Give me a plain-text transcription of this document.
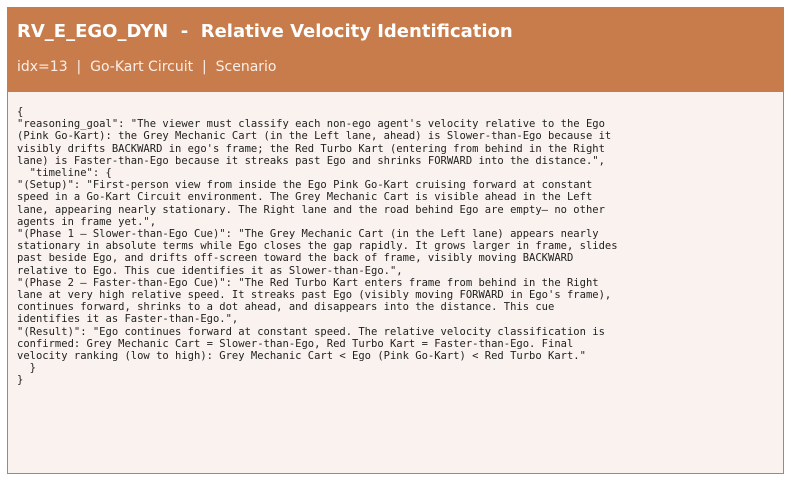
RV_E_EGO_DYN  -  Relative Velocity Identification
idx=13  |  Go-Kart Circuit  |  Scenario
{
"reasoning_goal": "The viewer must classify each non-ego agent's velocity relative to the Ego
(Pink Go-Kart): the Grey Mechanic Cart (in the Left lane, ahead) is Slower-than-Ego because it
visibly drifts BACKWARD in ego's frame; the Red Turbo Kart (entering from behind in the Right
lane) is Faster-than-Ego because it streaks past Ego and shrinks FORWARD into the distance.",
"timeline": {
"(Setup)": "First-person view from inside the Ego Pink Go-Kart cruising forward at constant
speed in a Go-Kart Circuit environment. The Grey Mechanic Cart is visible ahead in the Left
lane, appearing nearly stationary. The Right lane and the road behind Ego are empty— no other
agents in frame yet.",
"(Phase 1 — Slower-than-Ego Cue)": "The Grey Mechanic Cart (in the Left lane) appears nearly
stationary in absolute terms while Ego closes the gap rapidly. It grows larger in frame, slides
past beside Ego, and drifts off-screen toward the back of frame, visibly moving BACKWARD
relative to Ego. This cue identifies it as Slower-than-Ego.",
"(Phase 2 — Faster-than-Ego Cue)": "The Red Turbo Kart enters frame from behind in the Right
lane at very high relative speed. It streaks past Ego (visibly moving FORWARD in Ego's frame),
continues forward, shrinks to a dot ahead, and disappears into the distance. This cue
identifies it as Faster-than-Ego.",
"(Result)": "Ego continues forward at constant speed. The relative velocity classification is
confirmed: Grey Mechanic Cart = Slower-than-Ego, Red Turbo Kart = Faster-than-Ego. Final
velocity ranking (low to high): Grey Mechanic Cart < Ego (Pink Go-Kart) < Red Turbo Kart."
}
}
